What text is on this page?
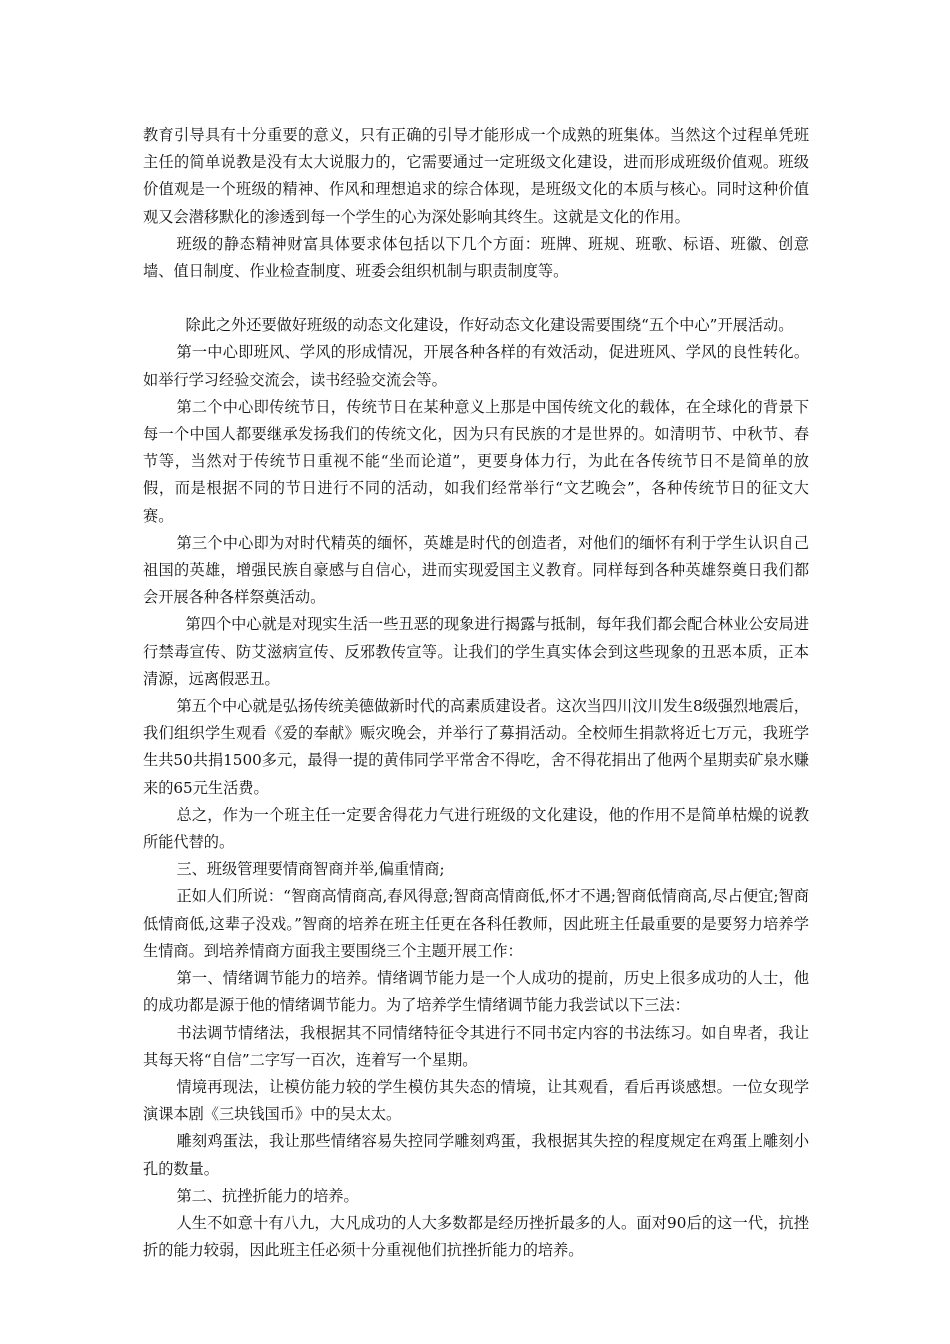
教育引导具有十分重要的意义，只有正确的引导才能形成一个成熟的班集体。当然这个过程单凭班主任的简单说教是没有太大说服力的，它需要通过一定班级文化建设，进而形成班级价值观。班级价值观是一个班级的精神、作风和理想追求的综合体现，是班级文化的本质与核心。同时这种价值观又会潜移默化的渗透到每一个学生的心为深处影响其终生。这就是文化的作用。

班级的静态精神财富具体要求体包括以下几个方面：班牌、班规、班歌、标语、班徽、创意墙、值日制度、作业检查制度、班委会组织机制与职责制度等。

除此之外还要做好班级的动态文化建设，作好动态文化建设需要围绕“五个中心”开展活动。

第一中心即班风、学风的形成情况，开展各种各样的有效活动，促进班风、学风的良性转化。如举行学习经验交流会，读书经验交流会等。

第二个中心即传统节日，传统节日在某种意义上那是中国传统文化的载体，在全球化的背景下每一个中国人都要继承发扬我们的传统文化，因为只有民族的才是世界的。如清明节、中秋节、春节等，当然对于传统节日重视不能“坐而论道”，更要身体力行，为此在各传统节日不是简单的放假，而是根据不同的节日进行不同的活动，如我们经常举行“文艺晚会”，各种传统节日的征文大赛。

第三个中心即为对时代精英的缅怀，英雄是时代的创造者，对他们的缅怀有利于学生认识自己祖国的英雄，增强民族自豪感与自信心，进而实现爱国主义教育。同样每到各种英雄祭奠日我们都会开展各种各样祭奠活动。

第四个中心就是对现实生活一些丑恶的现象进行揭露与抵制，每年我们都会配合林业公安局进行禁毒宣传、防艾滋病宣传、反邪教传宣等。让我们的学生真实体会到这些现象的丑恶本质，正本清源，远离假恶丑。

第五个中心就是弘扬传统美德做新时代的高素质建设者。这次当四川汶川发生8级强烈地震后，我们组织学生观看《爱的奉献》赈灾晚会，并举行了募捐活动。全校师生捐款将近七万元，我班学生共50共捐1500多元，最得一提的黄伟同学平常舍不得吃，舍不得花捐出了他两个星期卖矿泉水赚来的65元生活费。

总之，作为一个班主任一定要舍得花力气进行班级的文化建设，他的作用不是简单枯燥的说教所能代替的。

三、班级管理要情商智商并举,偏重情商;

正如人们所说：“智商高情商高,春风得意;智商高情商低,怀才不遇;智商低情商高,尽占便宜;智商低情商低,这辈子没戏。”智商的培养在班主任更在各科任教师，因此班主任最重要的是要努力培养学生情商。到培养情商方面我主要围绕三个主题开展工作：

第一、情绪调节能力的培养。情绪调节能力是一个人成功的提前，历史上很多成功的人士，他的成功都是源于他的情绪调节能力。为了培养学生情绪调节能力我尝试以下三法：

书法调节情绪法，我根据其不同情绪特征令其进行不同书定内容的书法练习。如自卑者，我让其每天将“自信”二字写一百次，连着写一个星期。

情境再现法，让模仿能力较的学生模仿其失态的情境，让其观看，看后再谈感想。一位女现学演课本剧《三块钱国币》中的吴太太。

雕刻鸡蛋法，我让那些情绪容易失控同学雕刻鸡蛋，我根据其失控的程度规定在鸡蛋上雕刻小孔的数量。

第二、抗挫折能力的培养。

人生不如意十有八九，大凡成功的人大多数都是经历挫折最多的人。面对90后的这一代，抗挫折的能力较弱，因此班主任必须十分重视他们抗挫折能力的培养。
